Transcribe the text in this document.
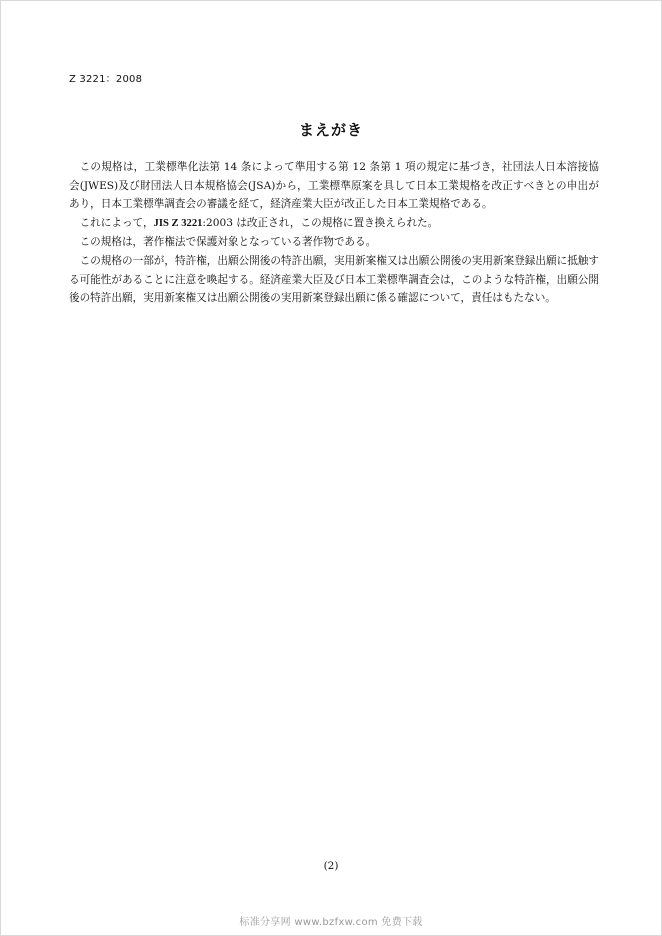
Z 3221：2008
まえがき

この規格は，工業標準化法第 14 条によって準用する第 12 条第 1 項の規定に基づき，社団法人日本溶接協会(JWES)及び財団法人日本規格協会(JSA)から，工業標準原案を具して日本工業規格を改正すべきとの申出があり，日本工業標準調査会の審議を経て，経済産業大臣が改正した日本工業規格である。

これによって，JIS Z 3221:2003 は改正され，この規格に置き換えられた。

この規格は，著作権法で保護対象となっている著作物である。

この規格の一部が，特許権，出願公開後の特許出願，実用新案権又は出願公開後の実用新案登録出願に抵触する可能性があることに注意を喚起する。経済産業大臣及び日本工業標準調査会は，このような特許権，出願公開後の特許出願，実用新案権又は出願公開後の実用新案登録出願に係る確認について，責任はもたない。

(2)
标准分享网 www.bzfxw.com 免费下载
